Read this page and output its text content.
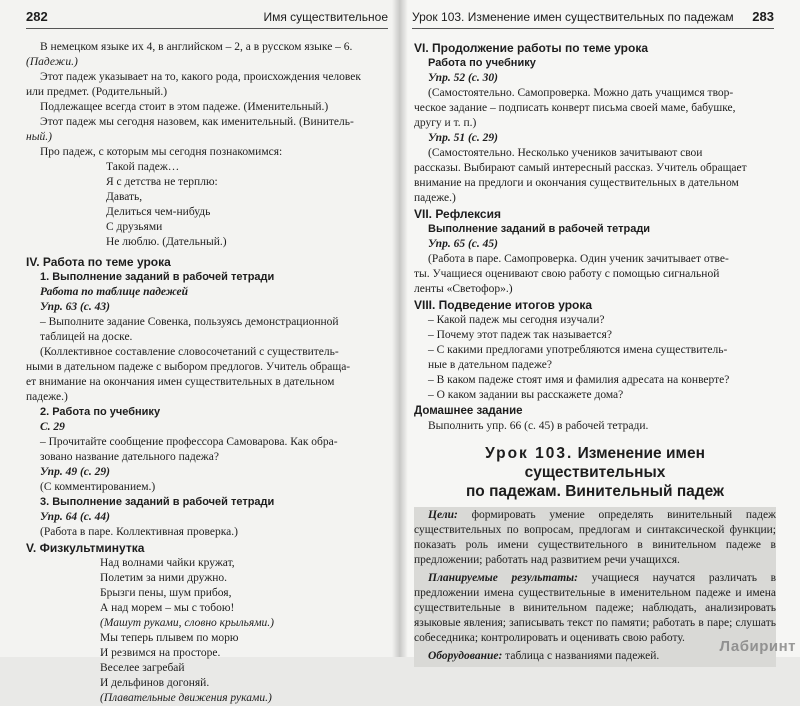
282	Имя существительное
В немецком языке их 4, в английском – 2, а в русском языке – 6.
(Падежи.)
Этот падеж указывает на то, какого рода, происхождения человек
или предмет. (Родительный.)
Подлежащее всегда стоит в этом падеже. (Именительный.)
Этот падеж мы сегодня назовем, как именительный. (Винитель-
ный.)
Про падеж, с которым мы сегодня познакомимся:
Такой падеж…
Я с детства не терплю:
Давать,
Делиться чем-нибудь
С друзьями
Не люблю. (Дательный.)
IV. Работа по теме урока
1. Выполнение заданий в рабочей тетради
Работа по таблице падежей
Упр. 63 (с. 43)
– Выполните задание Совенка, пользуясь демонстрационной
таблицей на доске.
(Коллективное составление словосочетаний с существитель-
ными в дательном падеже с выбором предлогов. Учитель обраща-
ет внимание на окончания имен существительных в дательном
падеже.)
2. Работа по учебнику
С. 29
– Прочитайте сообщение профессора Самоварова. Как обра-
зовано название дательного падежа?
Упр. 49 (с. 29)
(С комментированием.)
3. Выполнение заданий в рабочей тетради
Упр. 64 (с. 44)
(Работа в паре. Коллективная проверка.)
V. Физкультминутка
Над волнами чайки кружат,
Полетим за ними дружно.
Брызги пены, шум прибоя,
А над морем – мы с тобою!
(Машут руками, словно крыльями.)
Мы теперь плывем по морю
И резвимся на просторе.
Веселее загребай
И дельфинов догоняй.
(Плавательные движения руками.)
Урок 103. Изменение имен существительных по падежам 283
VI. Продолжение работы по теме урока
Работа по учебнику
Упр. 52 (с. 30)
(Самостоятельно. Самопроверка. Можно дать учащимся твор-
ческое задание – подписать конверт письма своей маме, бабушке,
другу и т. п.)
Упр. 51 (с. 29)
(Самостоятельно. Несколько учеников зачитывают свои
рассказы. Выбирают самый интересный рассказ. Учитель обращает
внимание на предлоги и окончания существительных в дательном
падеже.)
VII. Рефлексия
Выполнение заданий в рабочей тетради
Упр. 65 (с. 45)
(Работа в паре. Самопроверка. Один ученик зачитывает отве-
ты. Учащиеся оценивают свою работу с помощью сигнальной
ленты «Светофор».)
VIII. Подведение итогов урока
– Какой падеж мы сегодня изучали?
– Почему этот падеж так называется?
– С какими предлогами употребляются имена существитель-
ные в дательном падеже?
– В каком падеже стоят имя и фамилия адресата на конверте?
– О каком задании вы расскажете дома?
Домашнее задание
Выполнить упр. 66 (с. 45) в рабочей тетради.
Урок 103. Изменение имен существительных
по падежам. Винительный падеж
Цели: формировать умение определять винительный падеж существительных по вопросам, предлогам и синтаксической функции; показать роль имени существительного в винительном падеже в предложении; работать над развитием речи учащихся.
Планируемые результаты: учащиеся научатся различать в предложении имена существительные в именительном падеже и имена существительные в винительном падеже; наблюдать, анализировать языковые явления; записывать текст по памяти; работать в паре; слушать собеседника; контролировать и оценивать свою работу.
Оборудование: таблица с названиями падежей.
Лабиринт
